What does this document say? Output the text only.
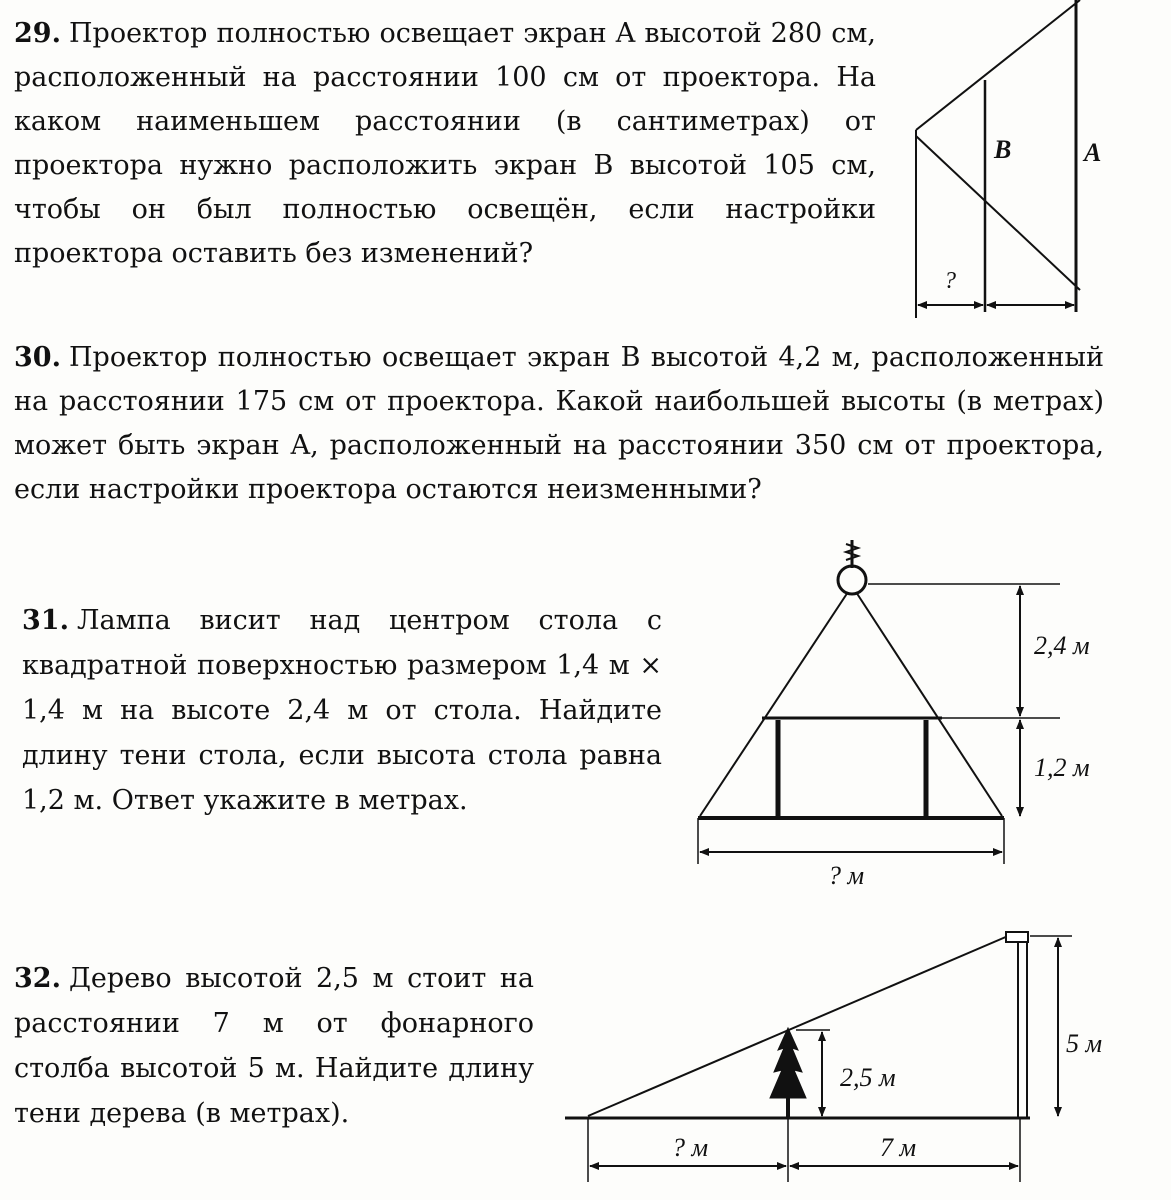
29. Проектор полностью освещает экран A высотой 280 см, расположенный на расстоянии 100 см от проектора. На каком наименьшем расстоянии (в сантиметрах) от проектора нужно расположить экран B высотой 105 см, чтобы он был полностью освещён, если настройки проектора оставить без изменений?
B	A
?
30. Проектор полностью освещает экран B высотой 4,2 м, расположенный на расстоянии 175 см от проектора. Какой наибольшей высоты (в метрах) может быть экран A, расположенный на расстоянии 350 см от проектора, если настройки проектора остаются неизменными?
31. Лампа висит над центром стола с квадратной поверхностью размером 1,4 м × 1,4 м на высоте 2,4 м от стола. Найдите длину тени стола, если высота стола равна 1,2 м. Ответ укажите в метрах.
2,4 м
1,2 м
? м
32. Дерево высотой 2,5 м стоит на расстоянии 7 м от фонарного столба высотой 5 м. Найдите длину тени дерева (в метрах).
2,5 м
5 м
? м	7 м
